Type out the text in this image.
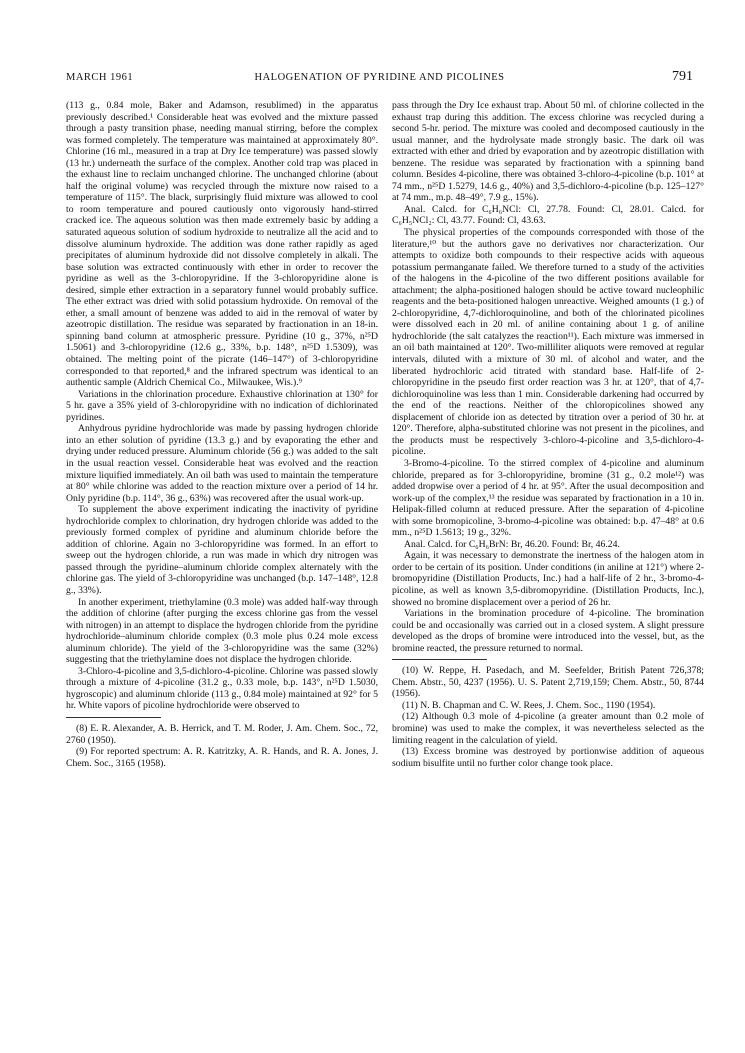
MARCH 1961	HALOGENATION OF PYRIDINE AND PICOLINES	791

(113 g., 0.84 mole, Baker and Adamson, resublimed) in the apparatus previously described.¹ Considerable heat was evolved and the mixture passed through a pasty transition phase, needing manual stirring, before the complex was formed completely. The temperature was maintained at approximately 80°. Chlorine (16 ml., measured in a trap at Dry Ice temperature) was passed slowly (13 hr.) underneath the surface of the complex. Another cold trap was placed in the exhaust line to reclaim unchanged chlorine. The unchanged chlorine (about half the original volume) was recycled through the mixture now raised to a temperature of 115°. The black, surprisingly fluid mixture was allowed to cool to room temperature and poured cautiously onto vigorously hand-stirred cracked ice. The aqueous solution was then made extremely basic by adding a saturated aqueous solution of sodium hydroxide to neutralize all the acid and to dissolve aluminum hydroxide. The addition was done rather rapidly as aged precipitates of aluminum hydroxide did not dissolve completely in alkali. The base solution was extracted continuously with ether in order to recover the pyridine as well as the 3-chloropyridine. If the 3-chloropyridine alone is desired, simple ether extraction in a separatory funnel would probably suffice. The ether extract was dried with solid potassium hydroxide. On removal of the ether, a small amount of benzene was added to aid in the removal of water by azeotropic distillation. The residue was separated by fractionation in an 18-in. spinning band column at atmospheric pressure. Pyridine (10 g., 37%, n²⁵D 1.5061) and 3-chloropyridine (12.6 g., 33%, b.p. 148°, n²⁵D 1.5309), was obtained. The melting point of the picrate (146–147°) of 3-chloropyridine corresponded to that reported,⁸ and the infrared spectrum was identical to an authentic sample (Aldrich Chemical Co., Milwaukee, Wis.).⁹

Variations in the chlorination procedure. Exhaustive chlorination at 130° for 5 hr. gave a 35% yield of 3-chloropyridine with no indication of dichlorinated pyridines.

Anhydrous pyridine hydrochloride was made by passing hydrogen chloride into an ether solution of pyridine (13.3 g.) and by evaporating the ether and drying under reduced pressure. Aluminum chloride (56 g.) was added to the salt in the usual reaction vessel. Considerable heat was evolved and the reaction mixture liquified immediately. An oil bath was used to maintain the temperature at 80° while chlorine was added to the reaction mixture over a period of 14 hr. Only pyridine (b.p. 114°, 36 g., 63%) was recovered after the usual work-up.

To supplement the above experiment indicating the inactivity of pyridine hydrochloride complex to chlorination, dry hydrogen chloride was added to the previously formed complex of pyridine and aluminum chloride before the addition of chlorine. Again no 3-chloropyridine was formed. In an effort to sweep out the hydrogen chloride, a run was made in which dry nitrogen was passed through the pyridine–aluminum chloride complex alternately with the chlorine gas. The yield of 3-chloropyridine was unchanged (b.p. 147–148°, 12.8 g., 33%).

In another experiment, triethylamine (0.3 mole) was added half-way through the addition of chlorine (after purging the excess chlorine gas from the vessel with nitrogen) in an attempt to displace the hydrogen chloride from the pyridine hydrochloride–aluminum chloride complex (0.3 mole plus 0.24 mole excess aluminum chloride). The yield of the 3-chloropyridine was the same (32%) suggesting that the triethylamine does not displace the hydrogen chloride.

3-Chloro-4-picoline and 3,5-dichloro-4-picoline. Chlorine was passed slowly through a mixture of 4-picoline (31.2 g., 0.33 mole, b.p. 143°, n²⁵D 1.5030, hygroscopic) and aluminum chloride (113 g., 0.84 mole) maintained at 92° for 5 hr. White vapors of picoline hydrochloride were observed to

(8) E. R. Alexander, A. B. Herrick, and T. M. Roder, J. Am. Chem. Soc., 72, 2760 (1950).

(9) For reported spectrum: A. R. Katritzky, A. R. Hands, and R. A. Jones, J. Chem. Soc., 3165 (1958).

pass through the Dry Ice exhaust trap. About 50 ml. of chlorine collected in the exhaust trap during this addition. The excess chlorine was recycled during a second 5-hr. period. The mixture was cooled and decomposed cautiously in the usual manner, and the hydrolysate made strongly basic. The dark oil was extracted with ether and dried by evaporation and by azeotropic distillation with benzene. The residue was separated by fractionation with a spinning band column. Besides 4-picoline, there was obtained 3-chloro-4-picoline (b.p. 101° at 74 mm., n²⁵D 1.5279, 14.6 g., 40%) and 3,5-dichloro-4-picoline (b.p. 125–127° at 74 mm., m.p. 48–49°, 7.9 g., 15%).

Anal. Calcd. for C₆H₆NCl: Cl, 27.78. Found: Cl, 28.01. Calcd. for C₆H₅NCl₂: Cl, 43.77. Found: Cl, 43.63.

The physical properties of the compounds corresponded with those of the literature,¹⁰ but the authors gave no derivatives nor characterization. Our attempts to oxidize both compounds to their respective acids with aqueous potassium permanganate failed. We therefore turned to a study of the activities of the halogens in the 4-picoline of the two different positions available for attachment; the alpha-positioned halogen should be active toward nucleophilic reagents and the beta-positioned halogen unreactive. Weighed amounts (1 g.) of 2-chloropyridine, 4,7-dichloroquinoline, and both of the chlorinated picolines were dissolved each in 20 ml. of aniline containing about 1 g. of aniline hydrochloride (the salt catalyzes the reaction¹¹). Each mixture was immersed in an oil bath maintained at 120°. Two-milliliter aliquots were removed at regular intervals, diluted with a mixture of 30 ml. of alcohol and water, and the liberated hydrochloric acid titrated with standard base. Half-life of 2-chloropyridine in the pseudo first order reaction was 3 hr. at 120°, that of 4,7-dichloroquinoline was less than 1 min. Considerable darkening had occurred by the end of the reactions. Neither of the chloropicolines showed any displacement of chloride ion as detected by titration over a period of 30 hr. at 120°. Therefore, alpha-substituted chlorine was not present in the picolines, and the products must be respectively 3-chloro-4-picoline and 3,5-dichloro-4-picoline.

3-Bromo-4-picoline. To the stirred complex of 4-picoline and aluminum chloride, prepared as for 3-chloropyridine, bromine (31 g., 0.2 mole¹²) was added dropwise over a period of 4 hr. at 95°. After the usual decomposition and work-up of the complex,¹³ the residue was separated by fractionation in a 10 in. Helipak-filled column at reduced pressure. After the separation of 4-picoline with some bromopicoline, 3-bromo-4-picoline was obtained: b.p. 47–48° at 0.6 mm., n²⁵D 1.5613; 19 g., 32%.

Anal. Calcd. for C₆H₆BrN: Br, 46.20. Found: Br, 46.24.

Again, it was necessary to demonstrate the inertness of the halogen atom in order to be certain of its position. Under conditions (in aniline at 121°) where 2-bromopyridine (Distillation Products, Inc.) had a half-life of 2 hr., 3-bromo-4-picoline, as well as known 3,5-dibromopyridine. (Distillation Products, Inc.), showed no bromine displacement over a period of 26 hr.

Variations in the bromination procedure of 4-picoline. The bromination could be and occasionally was carried out in a closed system. A slight pressure developed as the drops of bromine were introduced into the vessel, but, as the bromine reacted, the pressure returned to normal.

(10) W. Reppe, H. Pasedach, and M. Seefelder, British Patent 726,378; Chem. Abstr., 50, 4237 (1956). U. S. Patent 2,719,159; Chem. Abstr., 50, 8744 (1956).

(11) N. B. Chapman and C. W. Rees, J. Chem. Soc., 1190 (1954).

(12) Although 0.3 mole of 4-picoline (a greater amount than 0.2 mole of bromine) was used to make the complex, it was nevertheless selected as the limiting reagent in the calculation of yield.

(13) Excess bromine was destroyed by portionwise addition of aqueous sodium bisulfite until no further color change took place.
